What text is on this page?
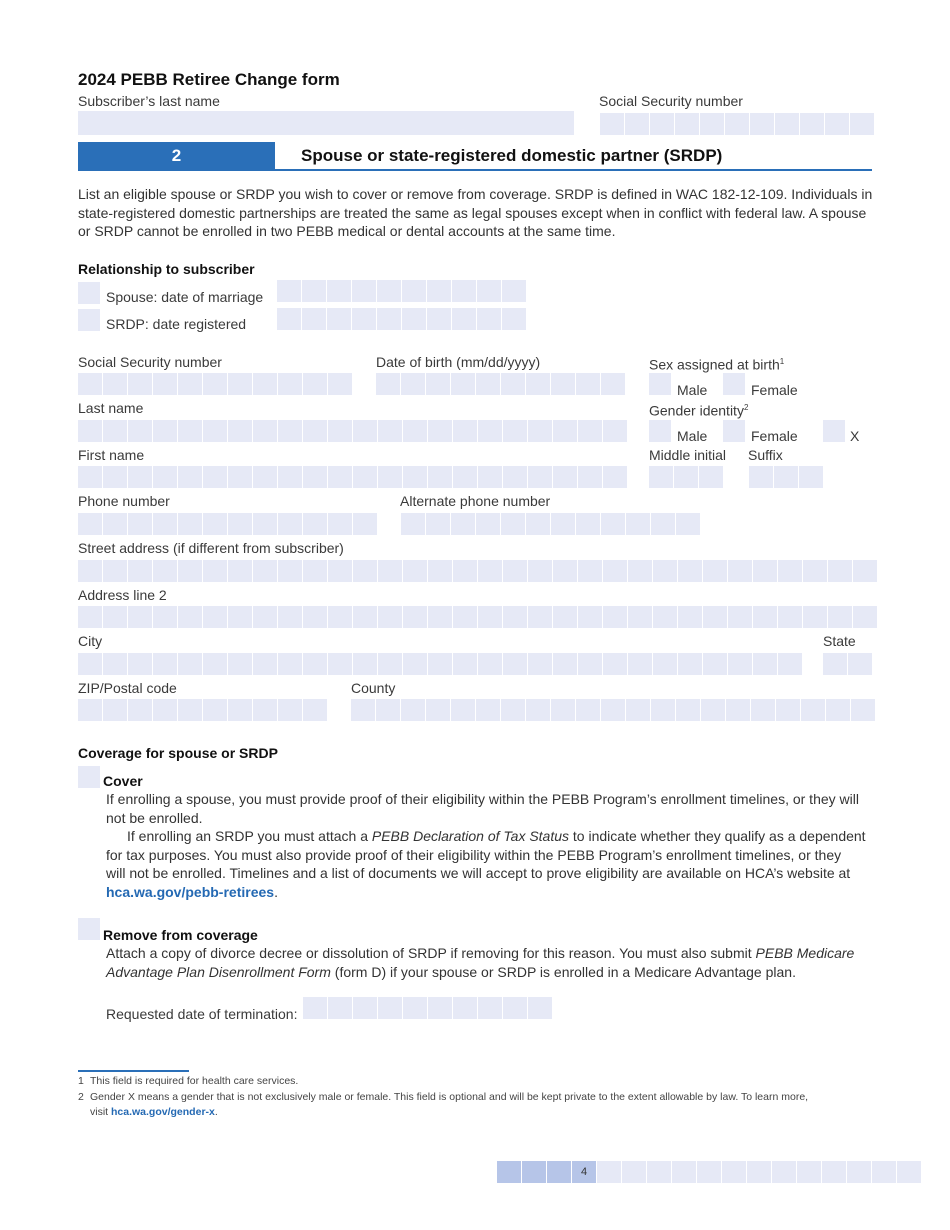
2024 PEBB Retiree Change form
Subscriber’s last name	Social Security number
2	Spouse or state-registered domestic partner (SRDP)
List an eligible spouse or SRDP you wish to cover or remove from coverage. SRDP is defined in WAC 182-12-109. Individuals in
state-registered domestic partnerships are treated the same as legal spouses except when in conflict with federal law. A spouse
or SRDP cannot be enrolled in two PEBB medical or dental accounts at the same time.
Relationship to subscriber
Spouse: date of marriage
SRDP: date registered
Social Security number	Date of birth (mm/dd/yyyy)	Sex assigned at birth$^1$
Male	Female
Last name	Gender identity$^2$
Male	Female	X
First name	Middle initial Suffix
Phone number	Alternate phone number
Street address (if different from subscriber)
Address line 2
City	State
ZIP/Postal code	County
Coverage for spouse or SRDP
Cover
If enrolling a spouse, you must provide proof of their eligibility within the PEBB Program’s enrollment timelines, or they will
not be enrolled.
If enrolling an SRDP you must attach a PEBB Declaration of Tax Status to indicate whether they qualify as a dependent
for tax purposes. You must also provide proof of their eligibility within the PEBB Program’s enrollment timelines, or they
will not be enrolled. Timelines and a list of documents we will accept to prove eligibility are available on HCA’s website at
hca.wa.gov/pebb-retirees.
Remove from coverage
Attach a copy of divorce decree or dissolution of SRDP if removing for this reason. You must also submit PEBB Medicare
Advantage Plan Disenrollment Form (form D) if your spouse or SRDP is enrolled in a Medicare Advantage plan.
Requested date of termination:
1 This field is required for health care services.
2 Gender X means a gender that is not exclusively male or female. This field is optional and will be kept private to the extent allowable by law. To learn more,
visit hca.wa.gov/gender-x.
4
